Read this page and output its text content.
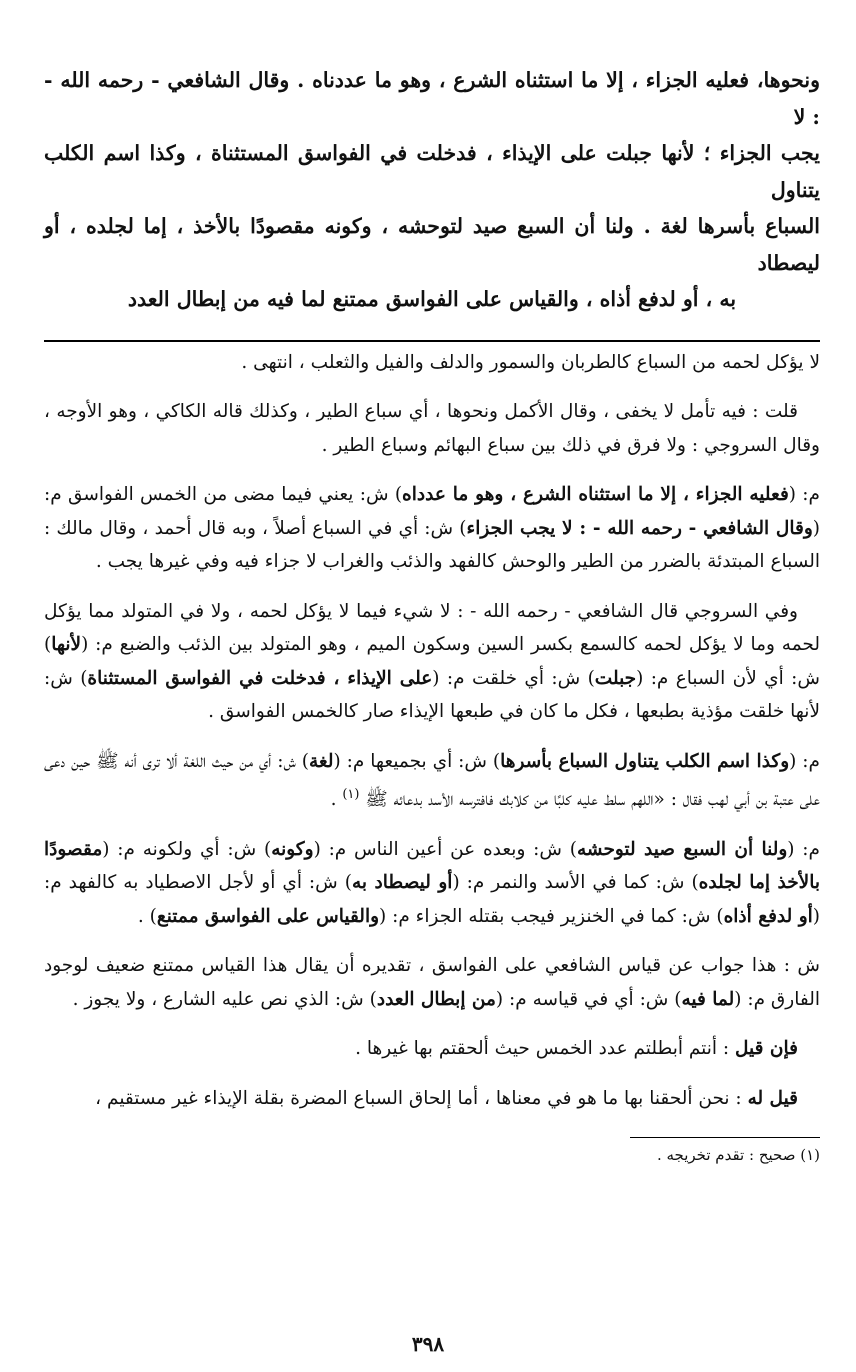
ونحوها، فعليه الجزاء ، إلا ما استثناه الشرع ، وهو ما عددناه . وقال الشافعي - رحمه الله - : لا

يجب الجزاء ؛ لأنها جبلت على الإيذاء ، فدخلت في الفواسق المستثناة ، وكذا اسم الكلب يتناول

السباع بأسرها لغة . ولنا أن السبع صيد لتوحشه ، وكونه مقصودًا بالأخذ ، إما لجلده ، أو ليصطاد

به ، أو لدفع أذاه ، والقياس على الفواسق ممتنع لما فيه من إبطال العدد

لا يؤكل لحمه من السباع كالطربان والسمور والدلف والفيل والثعلب ، انتهى .

قلت : فيه تأمل لا يخفى ، وقال الأكمل ونحوها ، أي سباع الطير ، وكذلك قاله الكاكي ، وهو الأوجه ، وقال السروجي : ولا فرق في ذلك بين سباع البهائم وسباع الطير .

م: (فعليه الجزاء ، إلا ما استثناه الشرع ، وهو ما عدداه) ش: يعني فيما مضى من الخمس الفواسق م: (وقال الشافعي - رحمه الله - : لا يجب الجزاء) ش: أي في السباع أصلاً ، وبه قال أحمد ، وقال مالك : السباع المبتدئة بالضرر من الطير والوحش كالفهد والذئب والغراب لا جزاء فيه وفي غيرها يجب .

وفي السروجي قال الشافعي - رحمه الله - : لا شيء فيما لا يؤكل لحمه ، ولا في المتولد مما يؤكل لحمه وما لا يؤكل لحمه كالسمع بكسر السين وسكون الميم ، وهو المتولد بين الذئب والضبع م: (لأنها) ش: أي لأن السباع م: (جبلت) ش: أي خلقت م: (على الإيذاء ، فدخلت في الفواسق المستثناة) ش: لأنها خلقت مؤذية بطبعها ، فكل ما كان في طبعها الإيذاء صار كالخمس الفواسق .

م: (وكذا اسم الكلب يتناول السباع بأسرها) ش: أي بجميعها م: (لغة) ش: أي من حيث اللغة ألا ترى أنه ﷺ حين دعى على عتبة بن أبي لهب فقال : «اللهم سلط عليه كلبًا من كلابك فافترسه الأسد بدعائه ﷺ $^{(١)}$ .

م: (ولنا أن السبع صيد لتوحشه) ش: وبعده عن أعين الناس م: (وكونه) ش: أي ولكونه م: (مقصودًا بالأخذ إما لجلده) ش: كما في الأسد والنمر م: (أو ليصطاد به) ش: أي أو لأجل الاصطياد به كالفهد م: (أو لدفع أذاه) ش: كما في الخنزير فيجب بقتله الجزاء م: (والقياس على الفواسق ممتنع) .

ش : هذا جواب عن قياس الشافعي على الفواسق ، تقديره أن يقال هذا القياس ممتنع ضعيف لوجود الفارق م: (لما فيه) ش: أي في قياسه م: (من إبطال العدد) ش: الذي نص عليه الشارع ، ولا يجوز .

فإن قيل : أنتم أبطلتم عدد الخمس حيث ألحقتم بها غيرها .

قيل له : نحن ألحقنا بها ما هو في معناها ، أما إلحاق السباع المضرة بقلة الإيذاء غير مستقيم ،

(١) صحيح : تقدم تخريجه .

٣٩٨
